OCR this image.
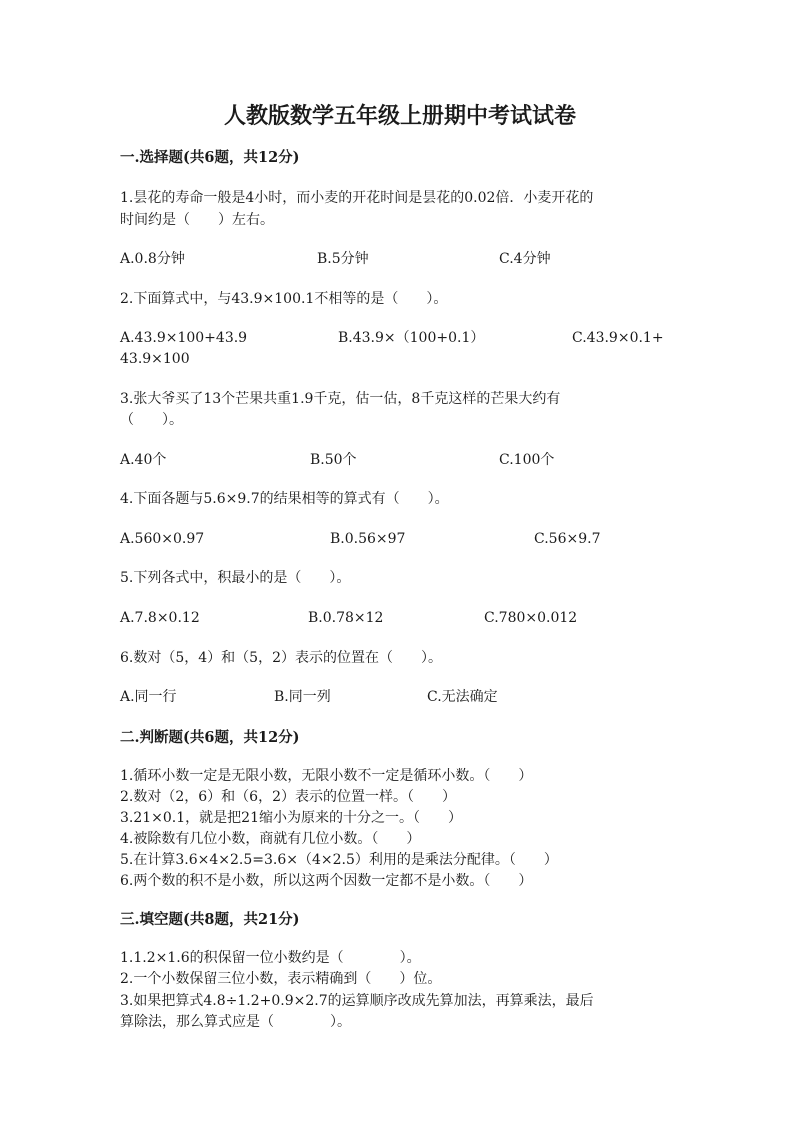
人教版数学五年级上册期中考试试卷
一.选择题(共6题，共12分)
1.昙花的寿命一般是4小时，而小麦的开花时间是昙花的0.02倍．小麦开花的
时间约是（　　）左右。
A.0.8分钟	B.5分钟	C.4分钟
2.下面算式中，与43.9×100.1不相等的是（　　）。
A.43.9×100+43.9	B.43.9×（100+0.1）	C.43.9×0.1+
43.9×100
3.张大爷买了13个芒果共重1.9千克，估一估，8千克这样的芒果大约有
（　　）。
A.40个	B.50个	C.100个
4.下面各题与5.6×9.7的结果相等的算式有（　　）。
A.560×0.97	B.0.56×97	C.56×9.7
5.下列各式中，积最小的是（　　）。
A.7.8×0.12	B.0.78×12	C.780×0.012
6.数对（5，4）和（5，2）表示的位置在（　　）。
A.同一行	B.同一列	C.无法确定
二.判断题(共6题，共12分)
1.循环小数一定是无限小数，无限小数不一定是循环小数。（　　）
2.数对（2，6）和（6，2）表示的位置一样。（　　）
3.21×0.1，就是把21缩小为原来的十分之一。（　　）
4.被除数有几位小数，商就有几位小数。（　　）
5.在计算3.6×4×2.5=3.6×（4×2.5）利用的是乘法分配律。（　　）
6.两个数的积不是小数，所以这两个因数一定都不是小数。（　　）
三.填空题(共8题，共21分)
1.1.2×1.6的积保留一位小数约是（　　　　）。
2.一个小数保留三位小数，表示精确到（　　）位。
3.如果把算式4.8÷1.2+0.9×2.7的运算顺序改成先算加法，再算乘法，最后
算除法，那么算式应是（　　　　）。
